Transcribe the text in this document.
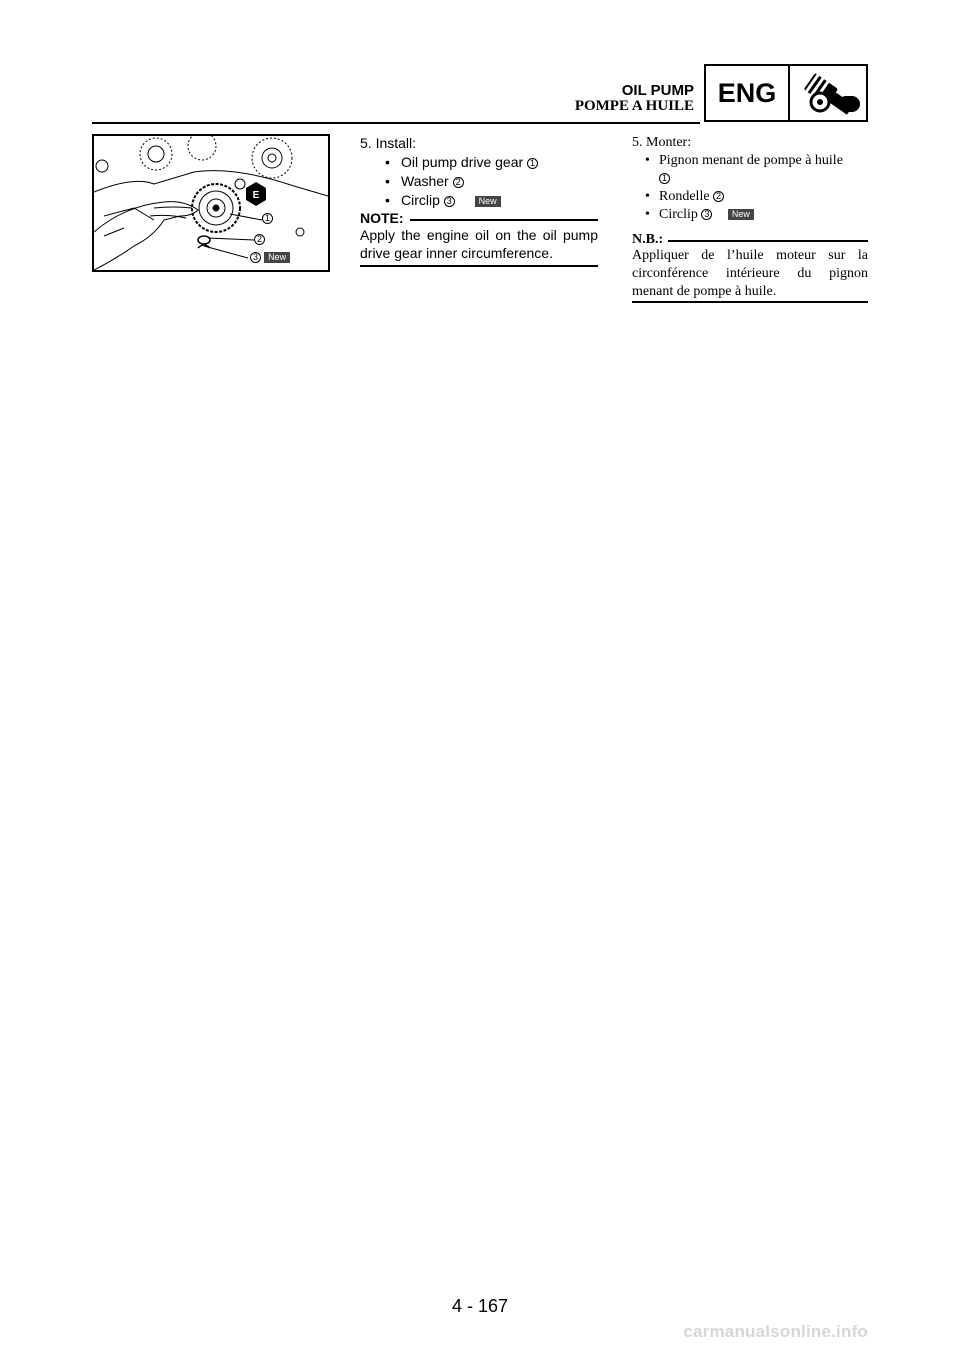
OIL PUMP
POMPE A HUILE ENG
E
1
2
3 New
5. Install:
• Oil pump drive gear 1
• Washer 2
• Circlip 3	New
NOTE:
Apply the engine oil on the oil pump drive gear inner circumference.
5. Monter:
• Pignon menant de pompe à huile
1
• Rondelle 2
• Circlip 3	New
N.B.:
Appliquer de l’huile moteur sur la circonférence intérieure du pignon menant de pompe à huile.
4 - 167
carmanualsonline.info
